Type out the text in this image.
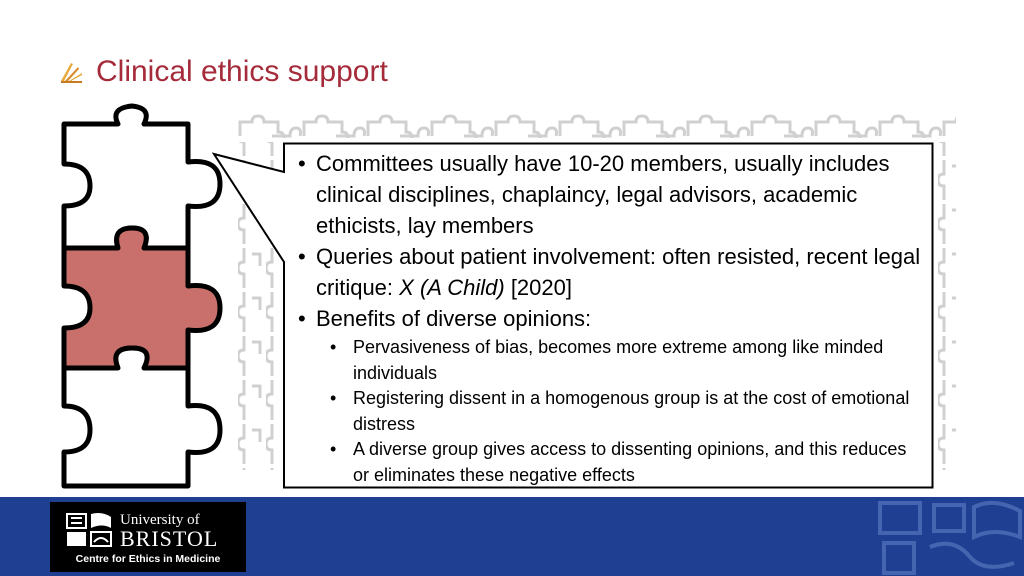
Clinical ethics support
• Committees usually have 10-20 members, usually includes clinical disciplines, chaplaincy, legal advisors, academic ethicists, lay members
• Queries about patient involvement: often resisted, recent legal critique: X (A Child) [2020]
• Benefits of diverse opinions:
• Pervasiveness of bias, becomes more extreme among like minded individuals
• Registering dissent in a homogenous group is at the cost of emotional distress
• A diverse group gives access to dissenting opinions, and this reduces or eliminates these negative effects
University of
BRISTOL
Centre for Ethics in Medicine
